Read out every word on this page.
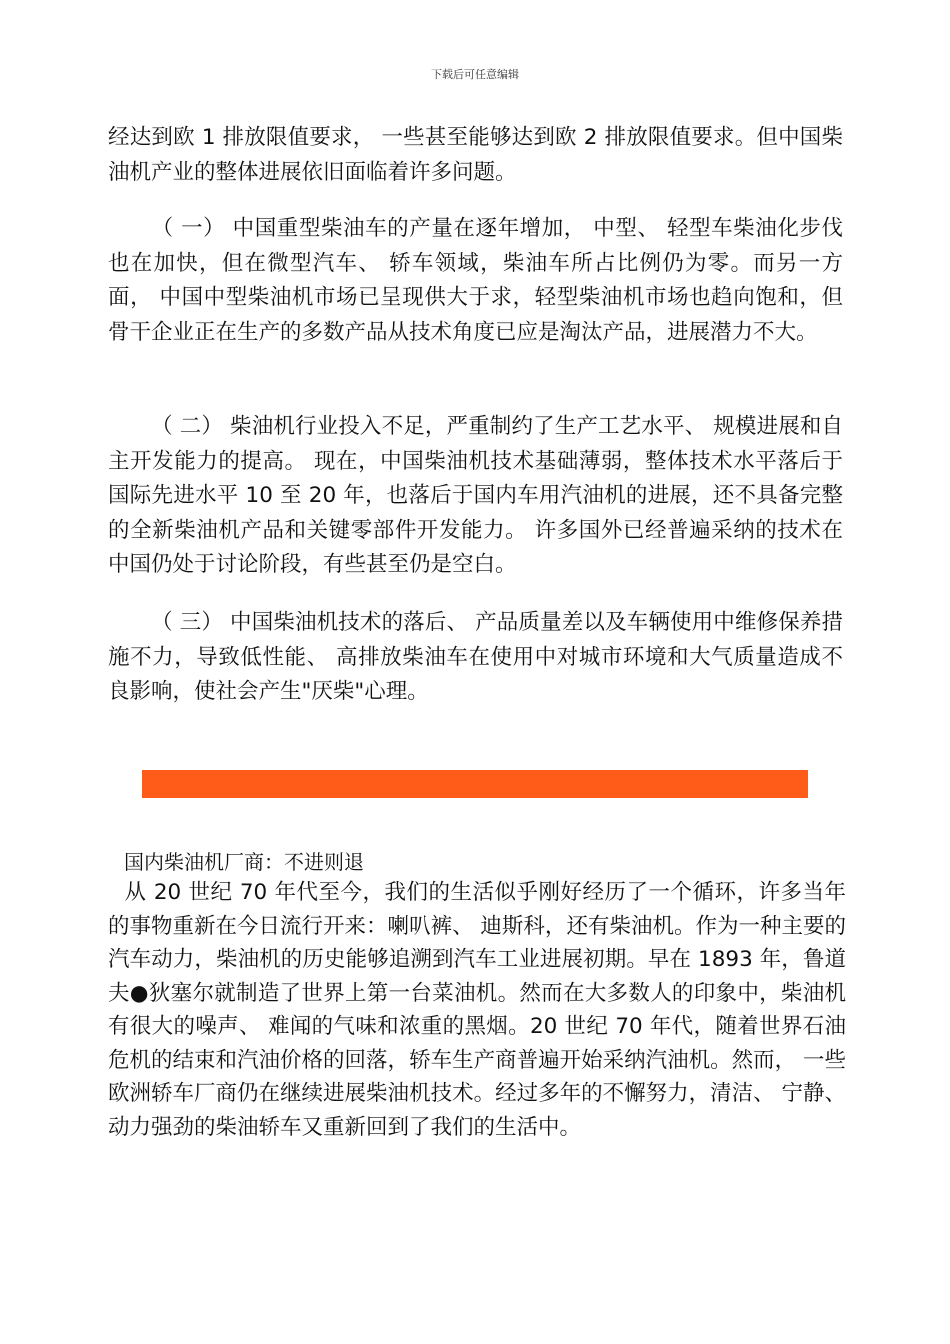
下载后可任意编辑

经达到欧 1 排放限值要求， 一些甚至能够达到欧 2 排放限值要求。但中国柴油机产业的整体进展依旧面临着许多问题。

（ 一） 中国重型柴油车的产量在逐年增加， 中型、 轻型车柴油化步伐也在加快，但在微型汽车、 轿车领域，柴油车所占比例仍为零。而另一方面， 中国中型柴油机市场已呈现供大于求，轻型柴油机市场也趋向饱和，但骨干企业正在生产的多数产品从技术角度已应是淘汰产品，进展潜力不大。

（ 二） 柴油机行业投入不足，严重制约了生产工艺水平、 规模进展和自主开发能力的提高。 现在，中国柴油机技术基础薄弱，整体技术水平落后于国际先进水平 10 至 20 年，也落后于国内车用汽油机的进展，还不具备完整的全新柴油机产品和关键零部件开发能力。 许多国外已经普遍采纳的技术在中国仍处于讨论阶段，有些甚至仍是空白。

（ 三） 中国柴油机技术的落后、 产品质量差以及车辆使用中维修保养措施不力，导致低性能、 高排放柴油车在使用中对城市环境和大气质量造成不良影响，使社会产生"厌柴"心理。

国内柴油机厂商：不进则退

从 20 世纪 70 年代至今，我们的生活似乎刚好经历了一个循环，许多当年的事物重新在今日流行开来：喇叭裤、 迪斯科，还有柴油机。作为一种主要的汽车动力，柴油机的历史能够追溯到汽车工业进展初期。早在 1893 年，鲁道夫●狄塞尔就制造了世界上第一台菜油机。然而在大多数人的印象中，柴油机有很大的噪声、 难闻的气味和浓重的黑烟。20 世纪 70 年代，随着世界石油危机的结束和汽油价格的回落，轿车生产商普遍开始采纳汽油机。然而， 一些欧洲轿车厂商仍在继续进展柴油机技术。经过多年的不懈努力，清洁、 宁静、 动力强劲的柴油轿车又重新回到了我们的生活中。
